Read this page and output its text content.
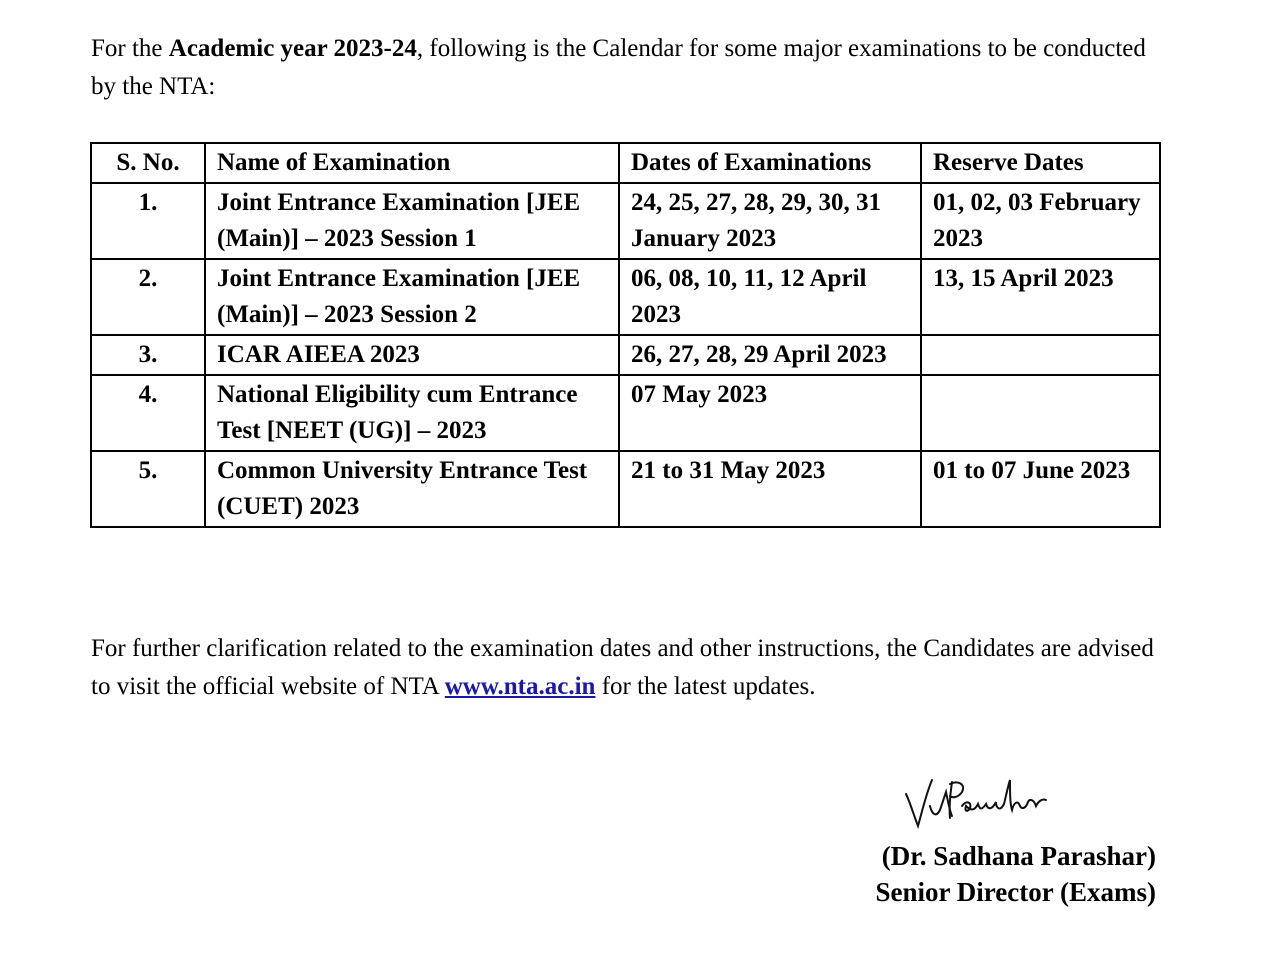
For the Academic year 2023-24, following is the Calendar for some major examinations to be conducted by the NTA:

S. No.	Name of Examination	Dates of Examinations	Reserve Dates
1.	Joint Entrance Examination [JEE (Main)] – 2023 Session 1	24, 25, 27, 28, 29, 30, 31 January 2023	01, 02, 03 February 2023
2.	Joint Entrance Examination [JEE (Main)] – 2023 Session 2	06, 08, 10, 11, 12 April 2023	13, 15 April 2023
3.	ICAR AIEEA 2023	26, 27, 28, 29 April 2023	
4.	National Eligibility cum Entrance Test [NEET (UG)] – 2023	07 May 2023	
5.	Common University Entrance Test (CUET) 2023	21 to 31 May 2023	01 to 07 June 2023

For further clarification related to the examination dates and other instructions, the Candidates are advised to visit the official website of NTA www.nta.ac.in for the latest updates.

(Dr. Sadhana Parashar)
Senior Director (Exams)
